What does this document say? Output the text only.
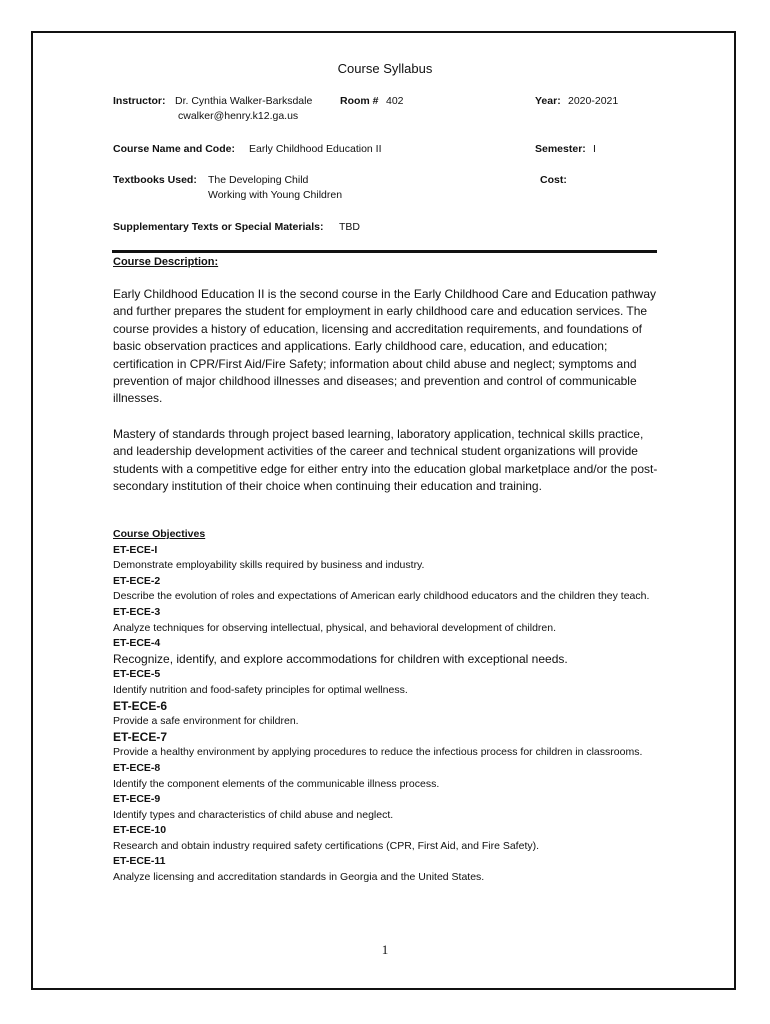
Course Syllabus
Instructor: Dr. Cynthia Walker-Barksdale
cwalker@henry.k12.ga.us
Room # 402	Year: 2020-2021
Course Name and Code: Early Childhood Education II	Semester: I
Textbooks Used: The Developing Child
Working with Young Children
Cost:
Supplementary Texts or Special Materials: TBD
Course Description:
Early Childhood Education II is the second course in the Early Childhood Care and Education pathway and further prepares the student for employment in early childhood care and education services. The course provides a history of education, licensing and accreditation requirements, and foundations of basic observation practices and applications. Early childhood care, education, and education; certification in CPR/First Aid/Fire Safety; information about child abuse and neglect; symptoms and prevention of major childhood illnesses and diseases; and prevention and control of communicable illnesses.
Mastery of standards through project based learning, laboratory application, technical skills practice, and leadership development activities of the career and technical student organizations will provide students with a competitive edge for either entry into the education global marketplace and/or the post-secondary institution of their choice when continuing their education and training.
Course Objectives
ET-ECE-I
Demonstrate employability skills required by business and industry.
ET-ECE-2
Describe the evolution of roles and expectations of American early childhood educators and the children they teach.
ET-ECE-3
Analyze techniques for observing intellectual, physical, and behavioral development of children.
ET-ECE-4
Recognize, identify, and explore accommodations for children with exceptional needs.
ET-ECE-5
Identify nutrition and food-safety principles for optimal wellness.
ET-ECE-6
Provide a safe environment for children.
ET-ECE-7
Provide a healthy environment by applying procedures to reduce the infectious process for children in classrooms.
ET-ECE-8
Identify the component elements of the communicable illness process.
ET-ECE-9
Identify types and characteristics of child abuse and neglect.
ET-ECE-10
Research and obtain industry required safety certifications (CPR, First Aid, and Fire Safety).
ET-ECE-11
Analyze licensing and accreditation standards in Georgia and the United States.
1
